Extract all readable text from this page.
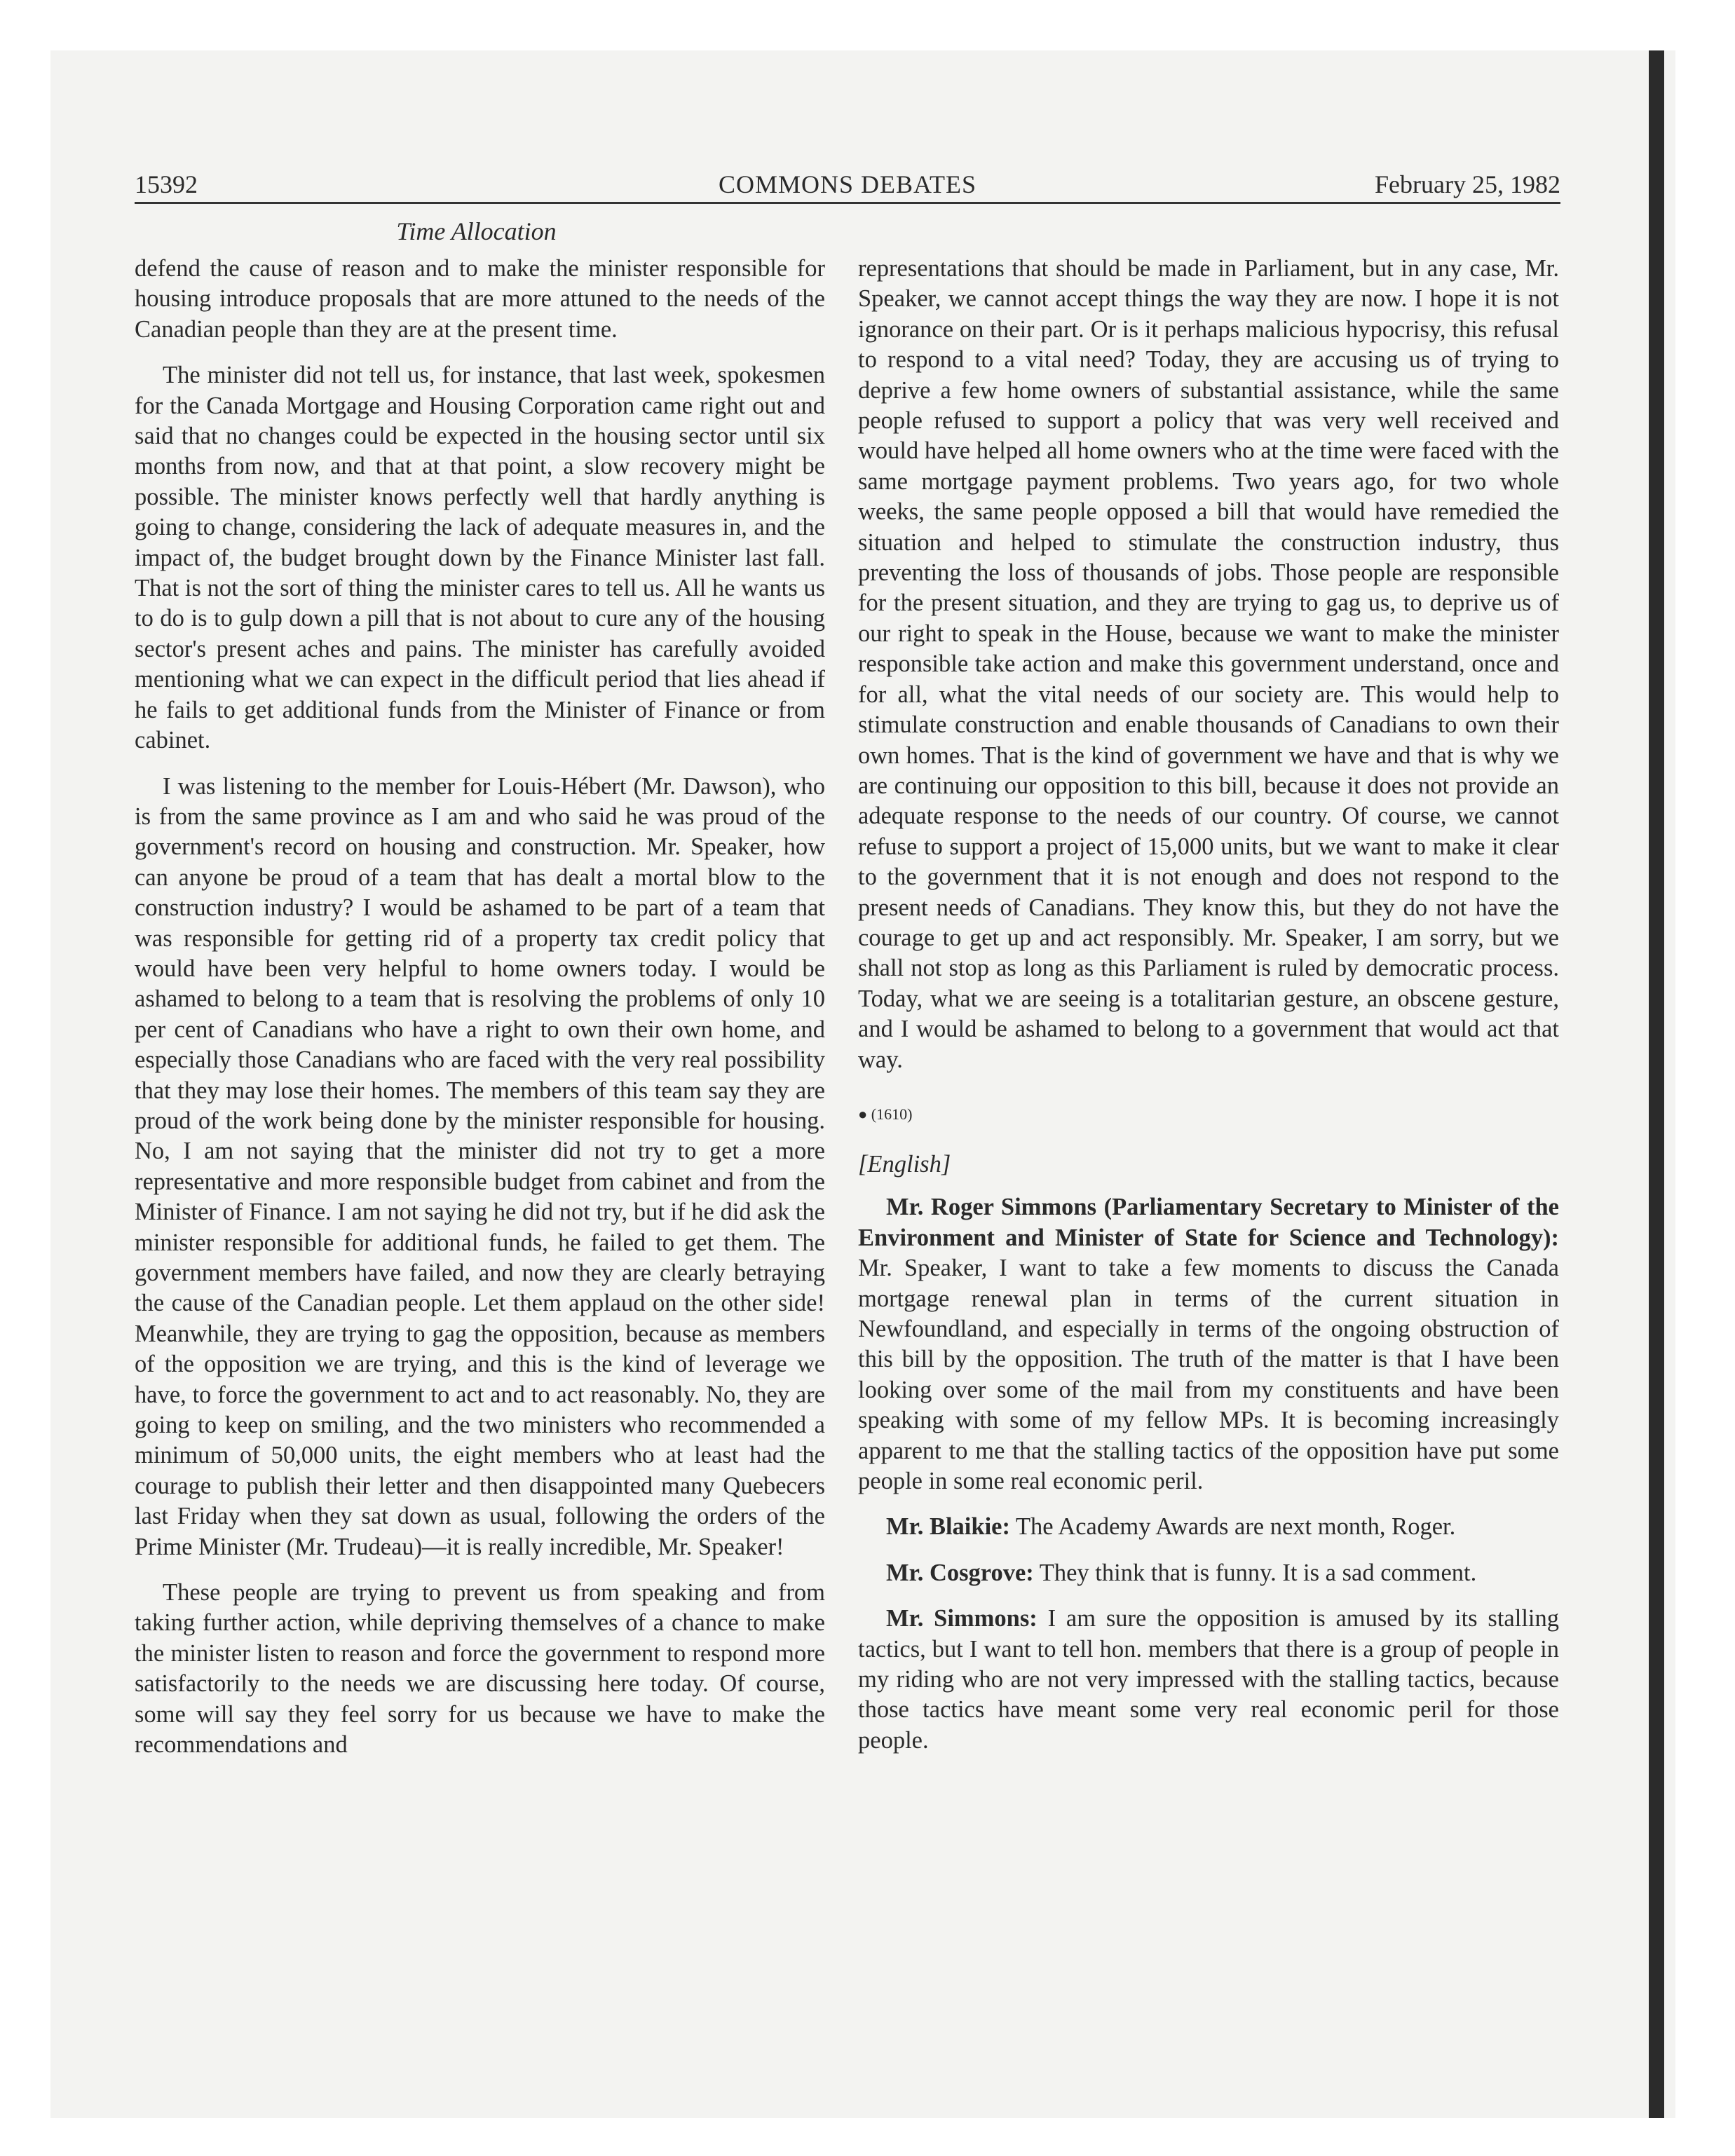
15392	COMMONS DEBATES	February 25, 1982
Time Allocation

defend the cause of reason and to make the minister responsible for housing introduce proposals that are more attuned to the needs of the Canadian people than they are at the present time.

The minister did not tell us, for instance, that last week, spokesmen for the Canada Mortgage and Housing Corporation came right out and said that no changes could be expected in the housing sector until six months from now, and that at that point, a slow recovery might be possible. The minister knows perfectly well that hardly anything is going to change, considering the lack of adequate measures in, and the impact of, the budget brought down by the Finance Minister last fall. That is not the sort of thing the minister cares to tell us. All he wants us to do is to gulp down a pill that is not about to cure any of the housing sector's present aches and pains. The minister has carefully avoided mentioning what we can expect in the difficult period that lies ahead if he fails to get additional funds from the Minister of Finance or from cabinet.

I was listening to the member for Louis-Hébert (Mr. Dawson), who is from the same province as I am and who said he was proud of the government's record on housing and construction. Mr. Speaker, how can anyone be proud of a team that has dealt a mortal blow to the construction industry? I would be ashamed to be part of a team that was responsible for getting rid of a property tax credit policy that would have been very helpful to home owners today. I would be ashamed to belong to a team that is resolving the problems of only 10 per cent of Canadians who have a right to own their own home, and especially those Canadians who are faced with the very real possibility that they may lose their homes. The members of this team say they are proud of the work being done by the minister responsible for housing. No, I am not saying that the minister did not try to get a more representative and more responsible budget from cabinet and from the Minister of Finance. I am not saying he did not try, but if he did ask the minister responsible for additional funds, he failed to get them. The government members have failed, and now they are clearly betraying the cause of the Canadian people. Let them applaud on the other side! Meanwhile, they are trying to gag the opposition, because as members of the opposition we are trying, and this is the kind of leverage we have, to force the government to act and to act reasonably. No, they are going to keep on smiling, and the two ministers who recommended a minimum of 50,000 units, the eight members who at least had the courage to publish their letter and then disappointed many Quebecers last Friday when they sat down as usual, following the orders of the Prime Minister (Mr. Trudeau)—it is really incredible, Mr. Speaker!

These people are trying to prevent us from speaking and from taking further action, while depriving themselves of a chance to make the minister listen to reason and force the government to respond more satisfactorily to the needs we are discussing here today. Of course, some will say they feel sorry for us because we have to make the recommendations and

representations that should be made in Parliament, but in any case, Mr. Speaker, we cannot accept things the way they are now. I hope it is not ignorance on their part. Or is it perhaps malicious hypocrisy, this refusal to respond to a vital need? Today, they are accusing us of trying to deprive a few home owners of substantial assistance, while the same people refused to support a policy that was very well received and would have helped all home owners who at the time were faced with the same mortgage payment problems. Two years ago, for two whole weeks, the same people opposed a bill that would have remedied the situation and helped to stimulate the construction industry, thus preventing the loss of thousands of jobs. Those people are responsible for the present situation, and they are trying to gag us, to deprive us of our right to speak in the House, because we want to make the minister responsible take action and make this government understand, once and for all, what the vital needs of our society are. This would help to stimulate construction and enable thousands of Canadians to own their own homes. That is the kind of government we have and that is why we are continuing our opposition to this bill, because it does not provide an adequate response to the needs of our country. Of course, we cannot refuse to support a project of 15,000 units, but we want to make it clear to the government that it is not enough and does not respond to the present needs of Canadians. They know this, but they do not have the courage to get up and act responsibly. Mr. Speaker, I am sorry, but we shall not stop as long as this Parliament is ruled by democratic process. Today, what we are seeing is a totalitarian gesture, an obscene gesture, and I would be ashamed to belong to a government that would act that way.

● (1610)

[English]

Mr. Roger Simmons (Parliamentary Secretary to Minister of the Environment and Minister of State for Science and Technology): Mr. Speaker, I want to take a few moments to discuss the Canada mortgage renewal plan in terms of the current situation in Newfoundland, and especially in terms of the ongoing obstruction of this bill by the opposition. The truth of the matter is that I have been looking over some of the mail from my constituents and have been speaking with some of my fellow MPs. It is becoming increasingly apparent to me that the stalling tactics of the opposition have put some people in some real economic peril.

Mr. Blaikie: The Academy Awards are next month, Roger.

Mr. Cosgrove: They think that is funny. It is a sad comment.

Mr. Simmons: I am sure the opposition is amused by its stalling tactics, but I want to tell hon. members that there is a group of people in my riding who are not very impressed with the stalling tactics, because those tactics have meant some very real economic peril for those people.
